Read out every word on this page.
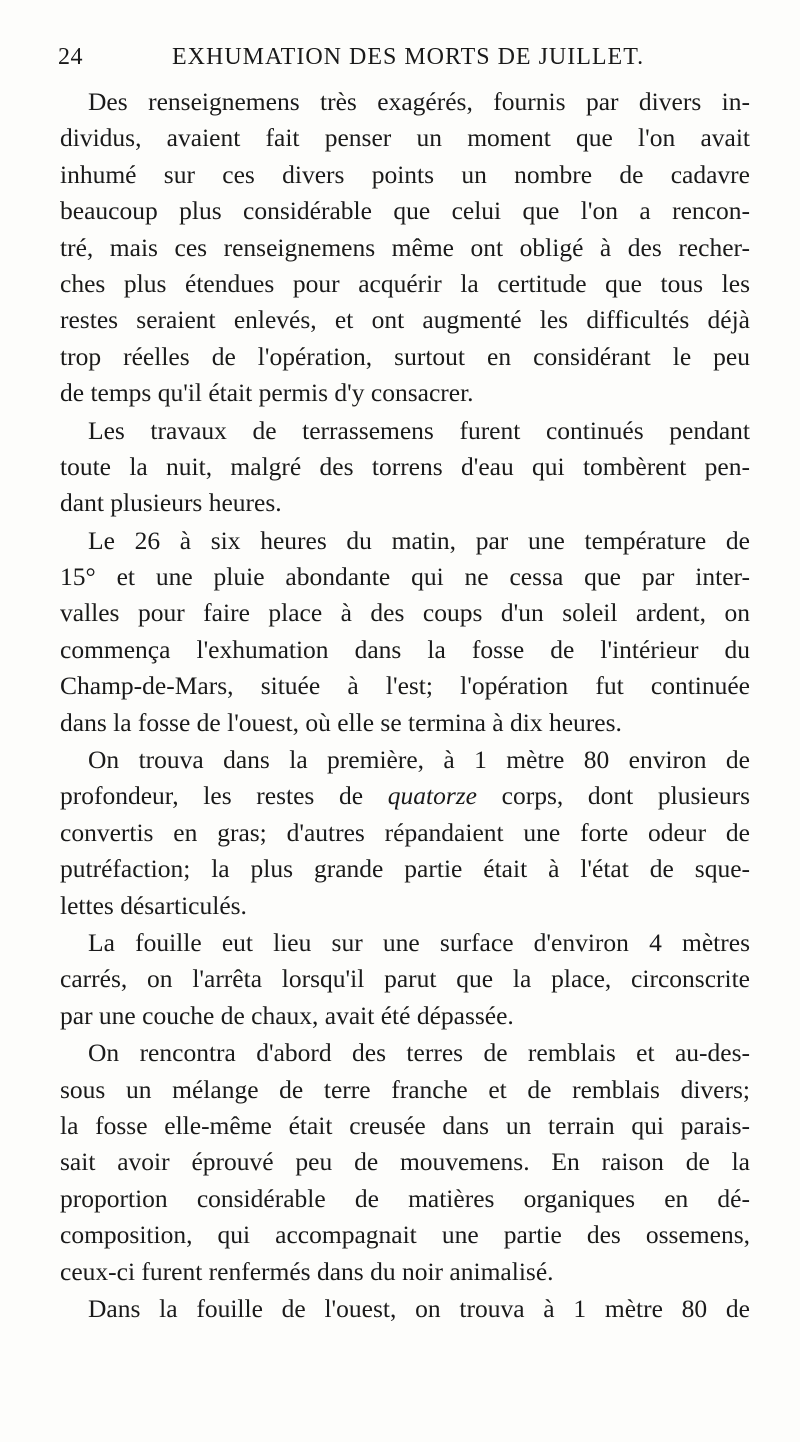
24	EXHUMATION DES MORTS DE JUILLET.
Des renseignemens très exagérés, fournis par divers in-
dividus, avaient fait penser un moment que l'on avait
inhumé sur ces divers points un nombre de cadavre
beaucoup plus considérable que celui que l'on a rencon-
tré, mais ces renseignemens même ont obligé à des recher-
ches plus étendues pour acquérir la certitude que tous les
restes seraient enlevés, et ont augmenté les difficultés déjà
trop réelles de l'opération, surtout en considérant le peu
de temps qu'il était permis d'y consacrer.
Les travaux de terrassemens furent continués pendant
toute la nuit, malgré des torrens d'eau qui tombèrent pen-
dant plusieurs heures.
Le 26 à six heures du matin, par une température de
15° et une pluie abondante qui ne cessa que par inter-
valles pour faire place à des coups d'un soleil ardent, on
commença l'exhumation dans la fosse de l'intérieur du
Champ-de-Mars, située à l'est; l'opération fut continuée
dans la fosse de l'ouest, où elle se termina à dix heures.
On trouva dans la première, à 1 mètre 80 environ de
profondeur, les restes de quatorze corps, dont plusieurs
convertis en gras; d'autres répandaient une forte odeur de
putréfaction; la plus grande partie était à l'état de sque-
lettes désarticulés.
La fouille eut lieu sur une surface d'environ 4 mètres
carrés, on l'arrêta lorsqu'il parut que la place, circonscrite
par une couche de chaux, avait été dépassée.
On rencontra d'abord des terres de remblais et au-des-
sous un mélange de terre franche et de remblais divers;
la fosse elle-même était creusée dans un terrain qui parais-
sait avoir éprouvé peu de mouvemens. En raison de la
proportion considérable de matières organiques en dé-
composition, qui accompagnait une partie des ossemens,
ceux-ci furent renfermés dans du noir animalisé.
Dans la fouille de l'ouest, on trouva à 1 mètre 80 de
